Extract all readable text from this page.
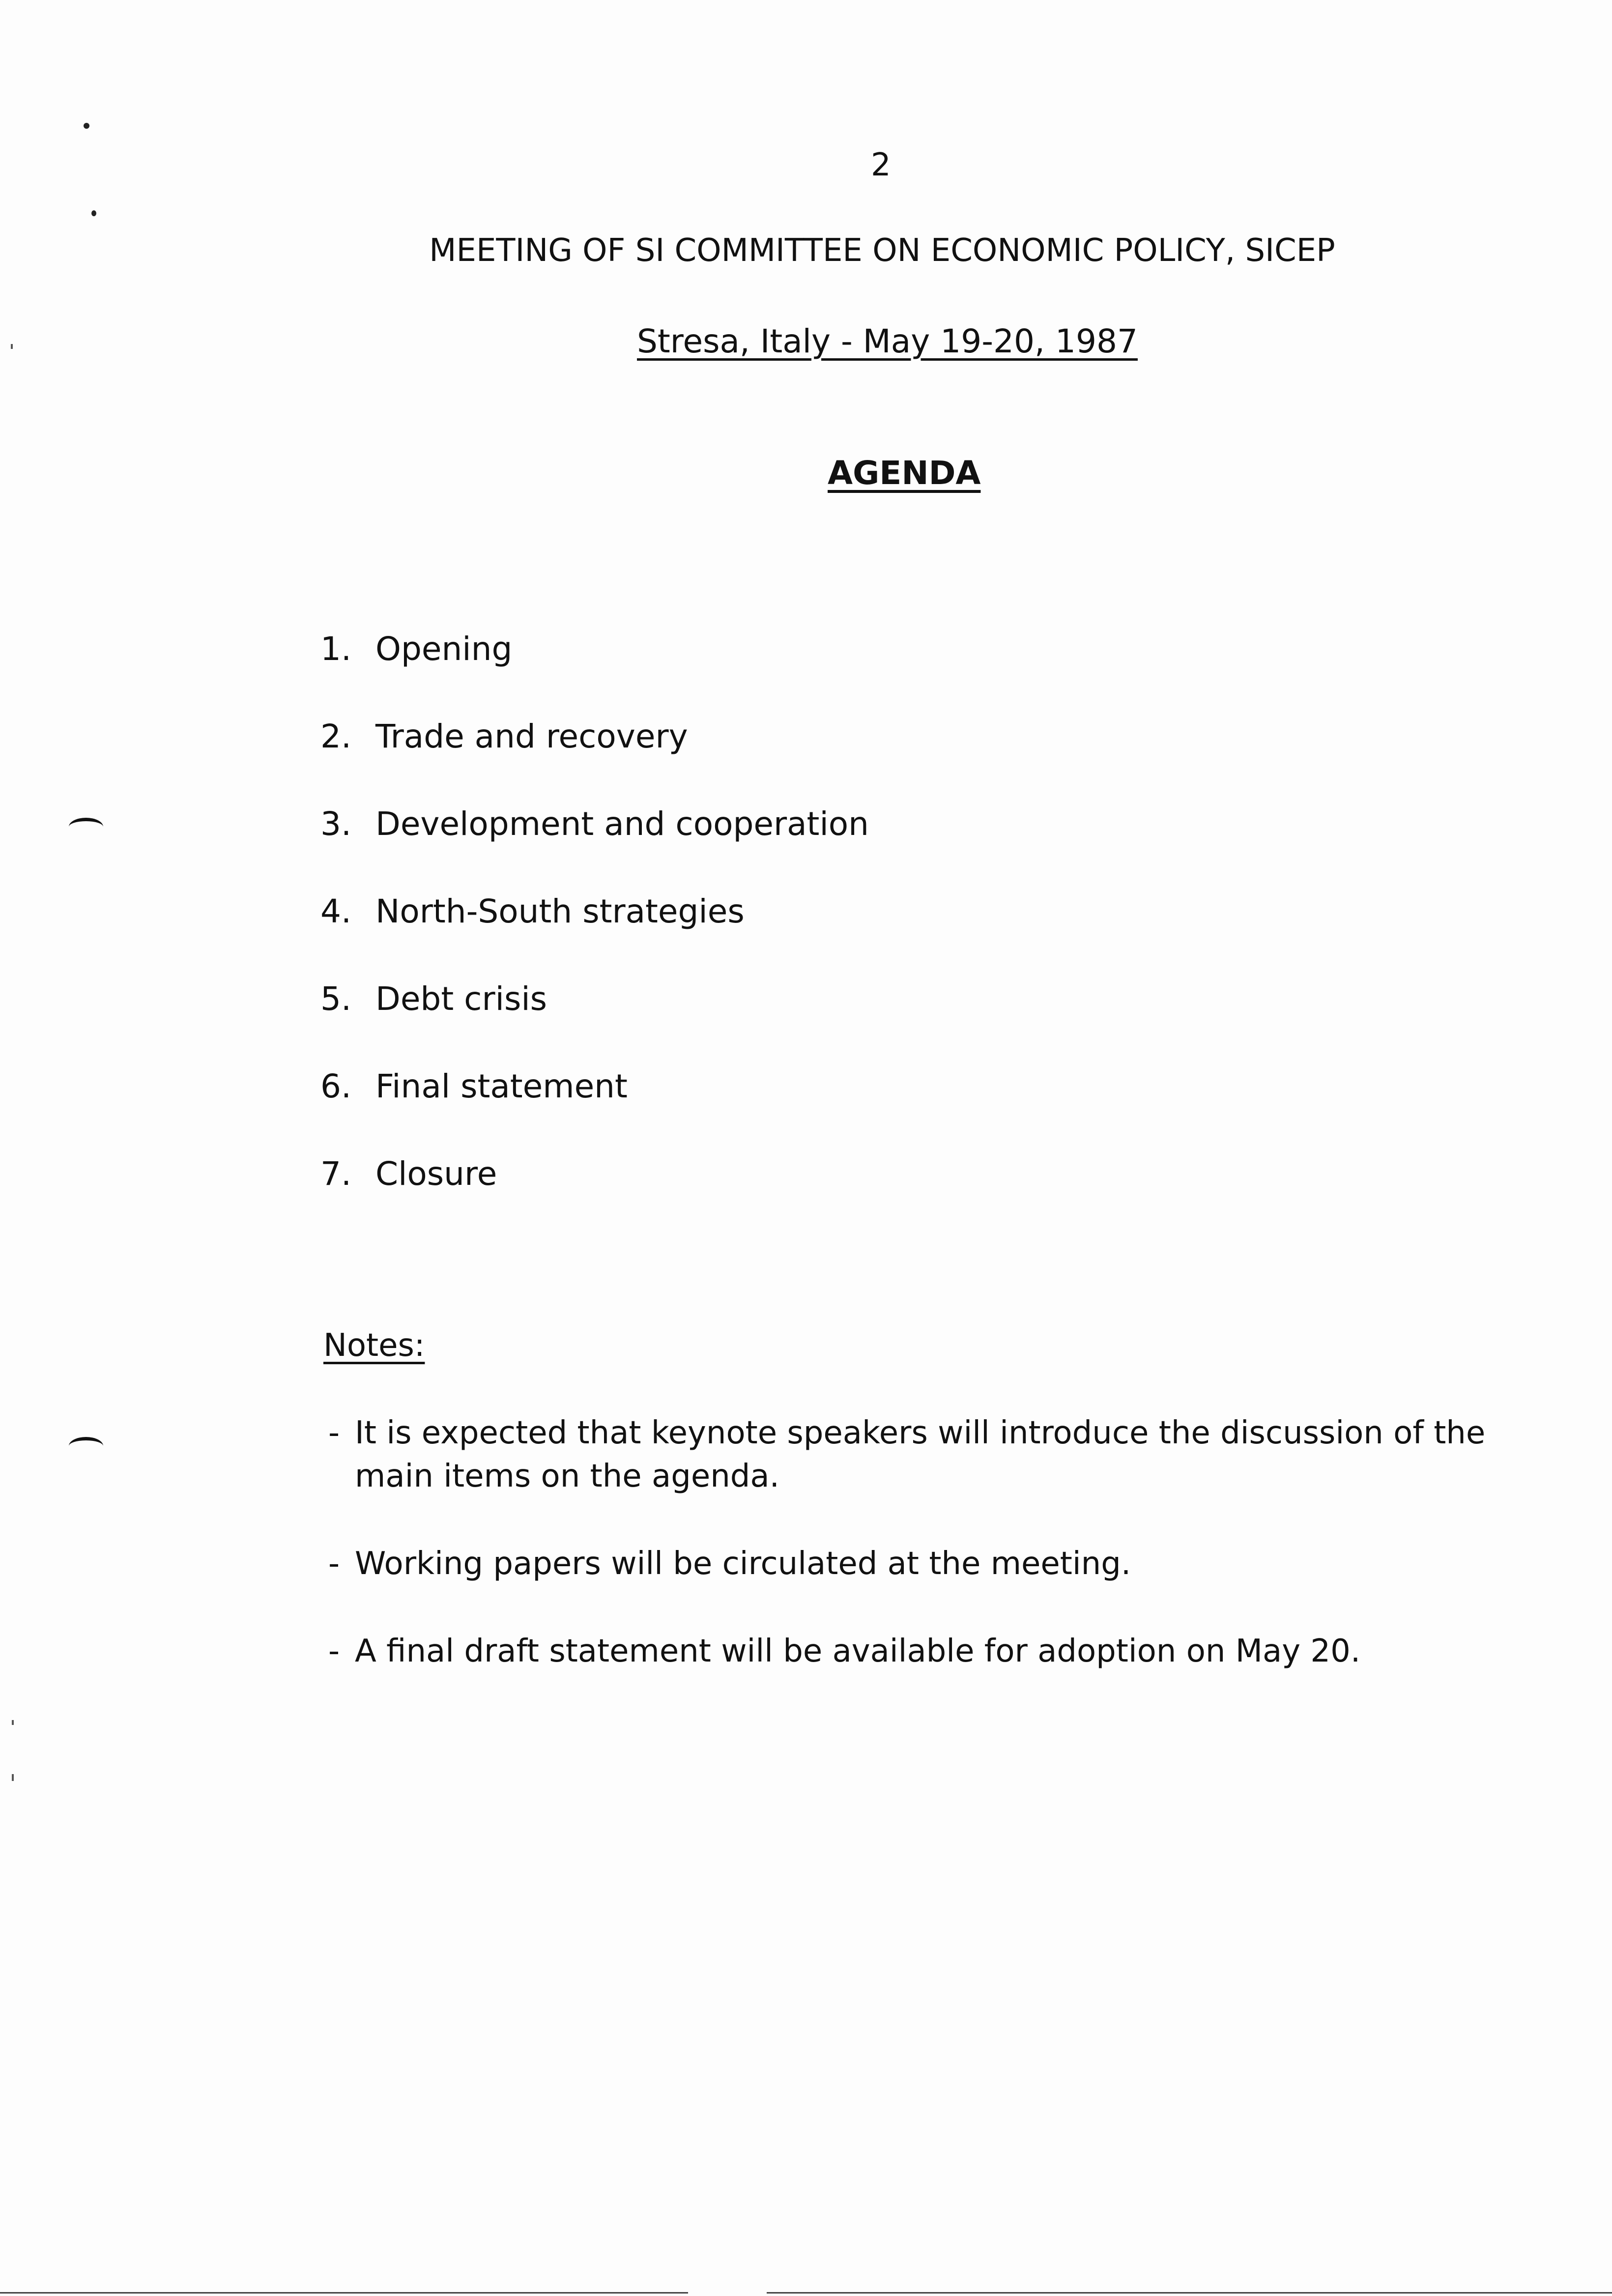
2
MEETING OF SI COMMITTEE ON ECONOMIC POLICY, SICEP
Stresa, Italy - May 19-20, 1987
AGENDA
1. Opening
2. Trade and recovery
3. Development and cooperation
4. North-South strategies
5. Debt crisis
6. Final statement
7. Closure
Notes:
- It is expected that keynote speakers will introduce the discussion of the
main items on the agenda.
- Working papers will be circulated at the meeting.
- A final draft statement will be available for adoption on May 20.
